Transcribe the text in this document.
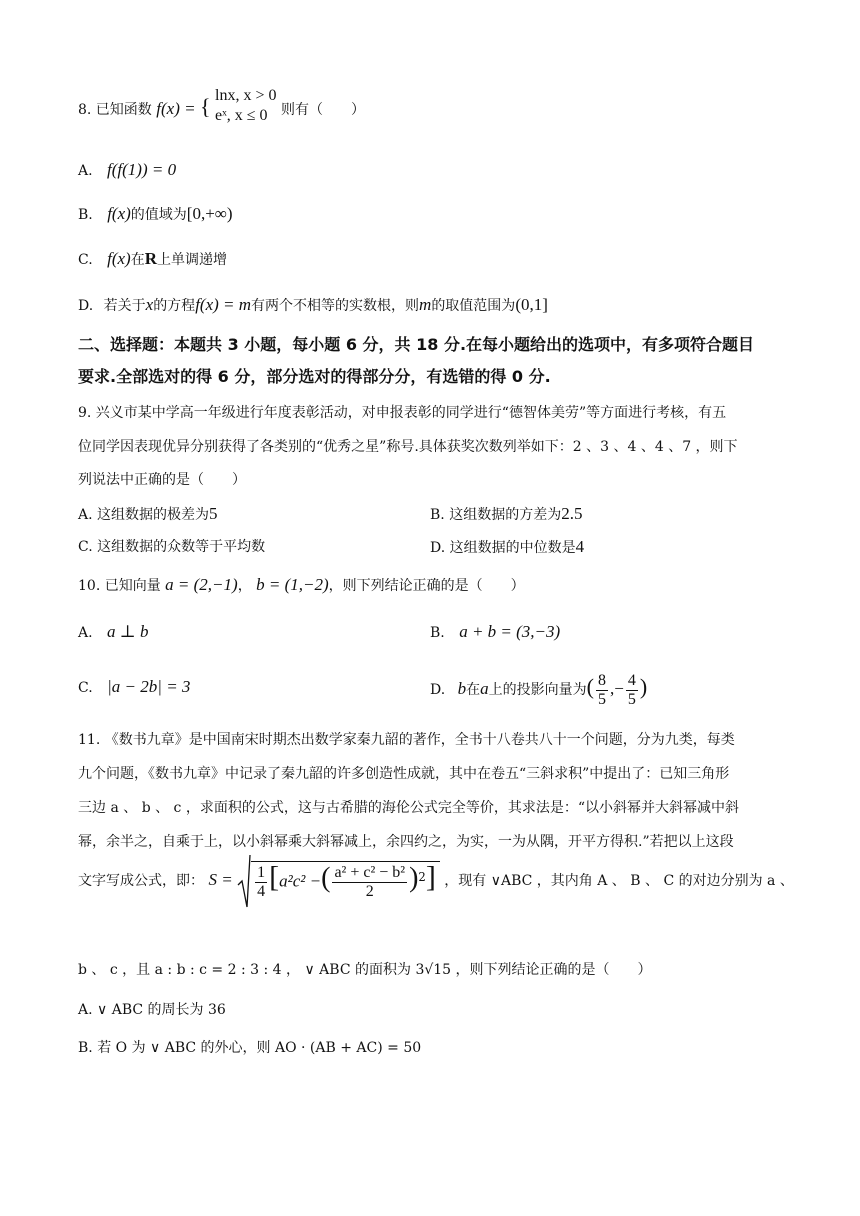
8. 已知函数 f(x) = { lnx, x > 0
eˣ, x ≤ 0 则有（　　）
A. f(f(1)) = 0
B. f(x)的值域为[0,+∞)
C. f(x)在R上单调递增
D. 若关于x的方程f(x) = m有两个不相等的实数根，则m的取值范围为(0,1]
二、选择题：本题共 3 小题，每小题 6 分，共 18 分.在每小题给出的选项中，有多项符合题目
要求.全部选对的得 6 分，部分选对的得部分分，有选错的得 0 分.
9. 兴义市某中学高一年级进行年度表彰活动，对申报表彰的同学进行“德智体美劳”等方面进行考核，有五
位同学因表现优异分别获得了各类别的“优秀之星”称号.具体获奖次数列举如下：2 、3 、4 、4 、7 ，则下
列说法中正确的是（　　）
A. 这组数据的极差为5	B. 这组数据的方差为2.5
C. 这组数据的众数等于平均数	D. 这组数据的中位数是4
10. 已知向量 a = (2,−1)， b = (1,−2)，则下列结论正确的是（　　）
A. a ⊥ b	B. a + b = (3,−3)
C. |a − 2b| = 3	D. b在a上的投影向量为( $\frac{8}{5}$ ,− $\frac{4}{5}$ )
11. 《数书九章》是中国南宋时期杰出数学家秦九韶的著作，全书十八卷共八十一个问题，分为九类，每类
九个问题，《数书九章》中记录了秦九韶的许多创造性成就，其中在卷五“三斜求积”中提出了：已知三角形
三边 a 、 b 、 c ，求面积的公式，这与古希腊的海伦公式完全等价，其求法是：“以小斜幂并大斜幂减中斜
幂，余半之，自乘于上，以小斜幂乘大斜幂减上，余四约之，为实，一为从隅，开平方得积.”若把以上这段
文字写成公式，即： $S = \frac{1}{4} [a^2c^2$ −( $\frac{\text{a² + c² − b²}}{2} )^2$] ，现有 ∨ABC ，其内角 A 、 B 、 C 的对边分别为 a 、
b 、 c ，且 a : b : c = 2 : 3 : 4 ， ∨ ABC 的面积为 3√15 ，则下列结论正确的是（　　）
A. ∨ ABC 的周长为 36
B. 若 O 为 ∨ ABC 的外心，则 AO · (AB + AC) = 50
